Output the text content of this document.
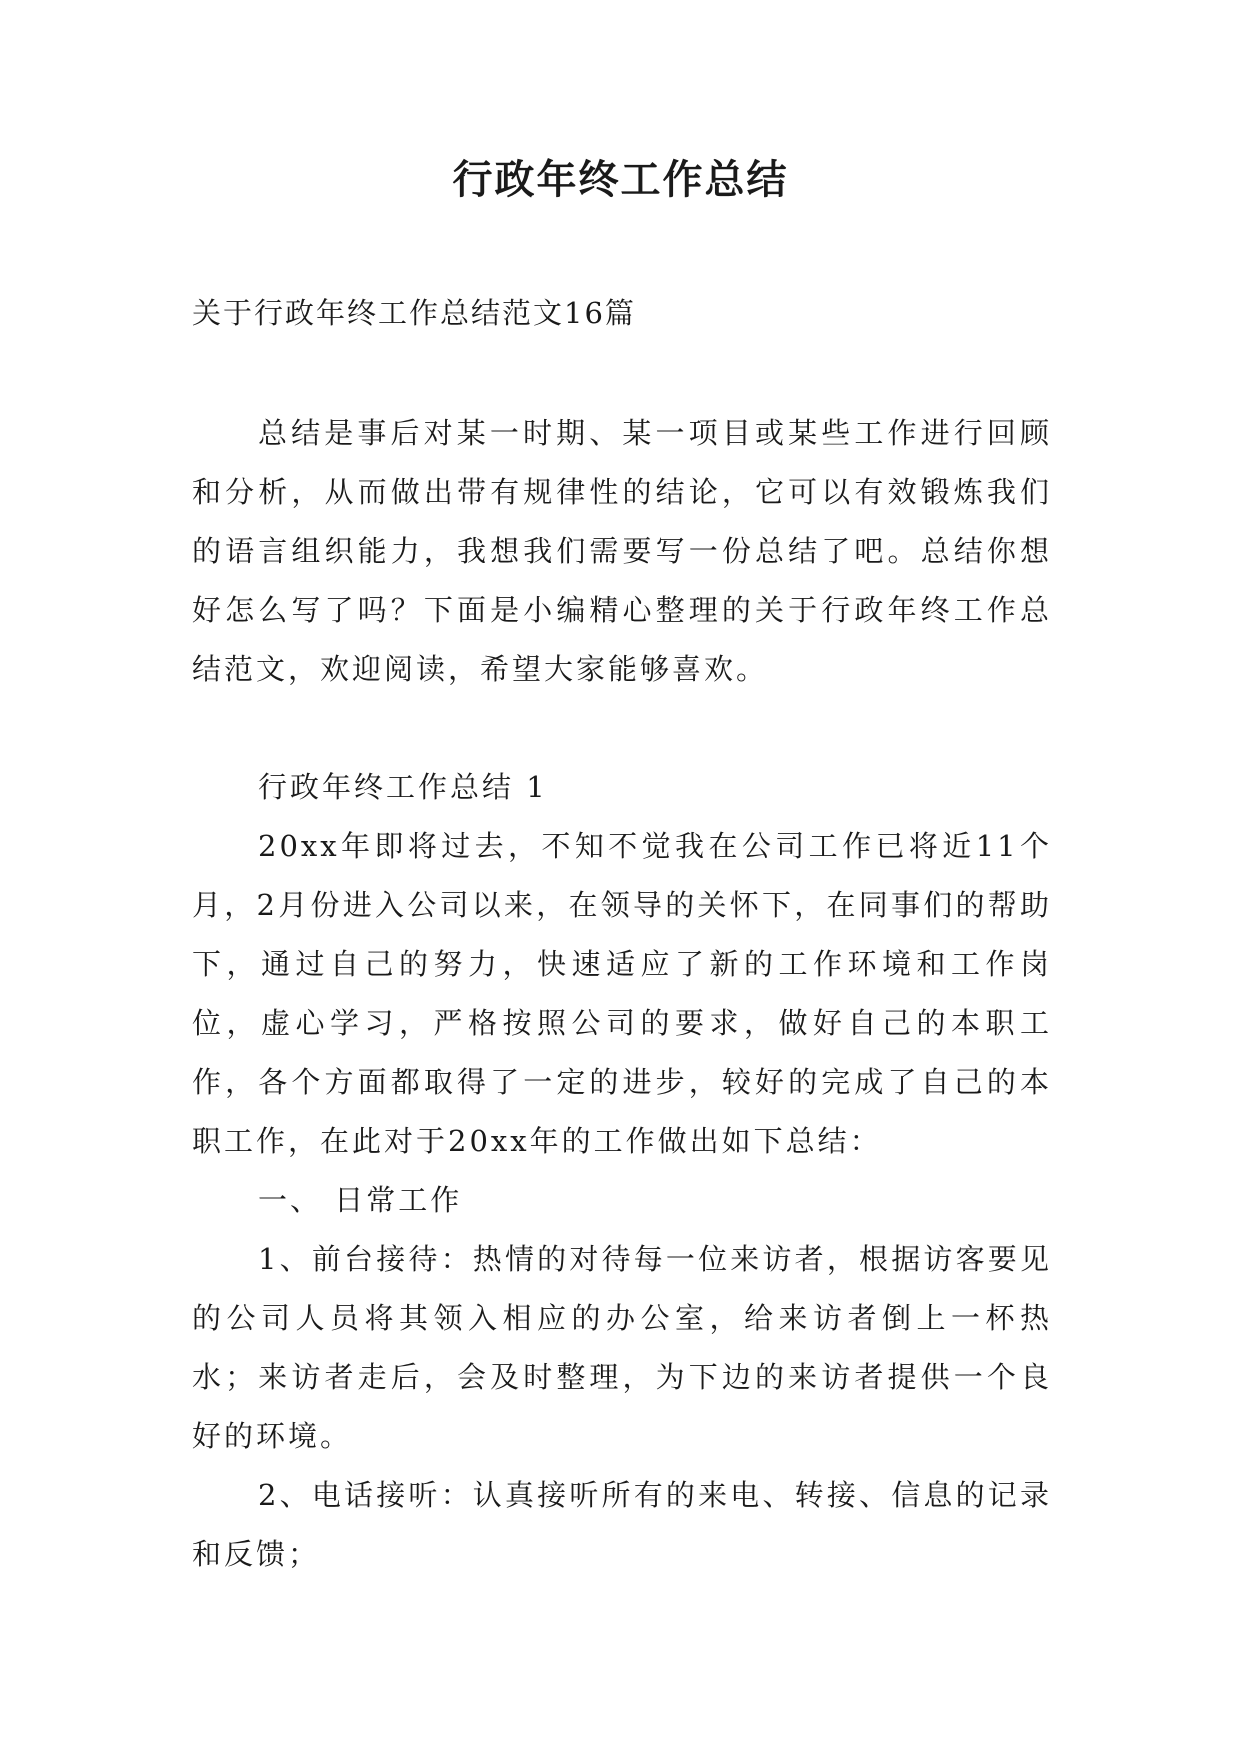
行政年终工作总结

关于行政年终工作总结范文16篇

总结是事后对某一时期、某一项目或某些工作进行回顾和分析，从而做出带有规律性的结论，它可以有效锻炼我们的语言组织能力，我想我们需要写一份总结了吧。总结你想好怎么写了吗？下面是小编精心整理的关于行政年终工作总结范文，欢迎阅读，希望大家能够喜欢。

行政年终工作总结 1

20xx年即将过去，不知不觉我在公司工作已将近11个月，2月份进入公司以来，在领导的关怀下，在同事们的帮助下，通过自己的努力，快速适应了新的工作环境和工作岗位，虚心学习，严格按照公司的要求，做好自己的本职工作，各个方面都取得了一定的进步，较好的完成了自己的本职工作，在此对于20xx年的工作做出如下总结：

一、 日常工作

1、前台接待：热情的对待每一位来访者，根据访客要见的公司人员将其领入相应的办公室，给来访者倒上一杯热水；来访者走后，会及时整理，为下边的来访者提供一个良好的环境。

2、电话接听：认真接听所有的来电、转接、信息的记录和反馈；
